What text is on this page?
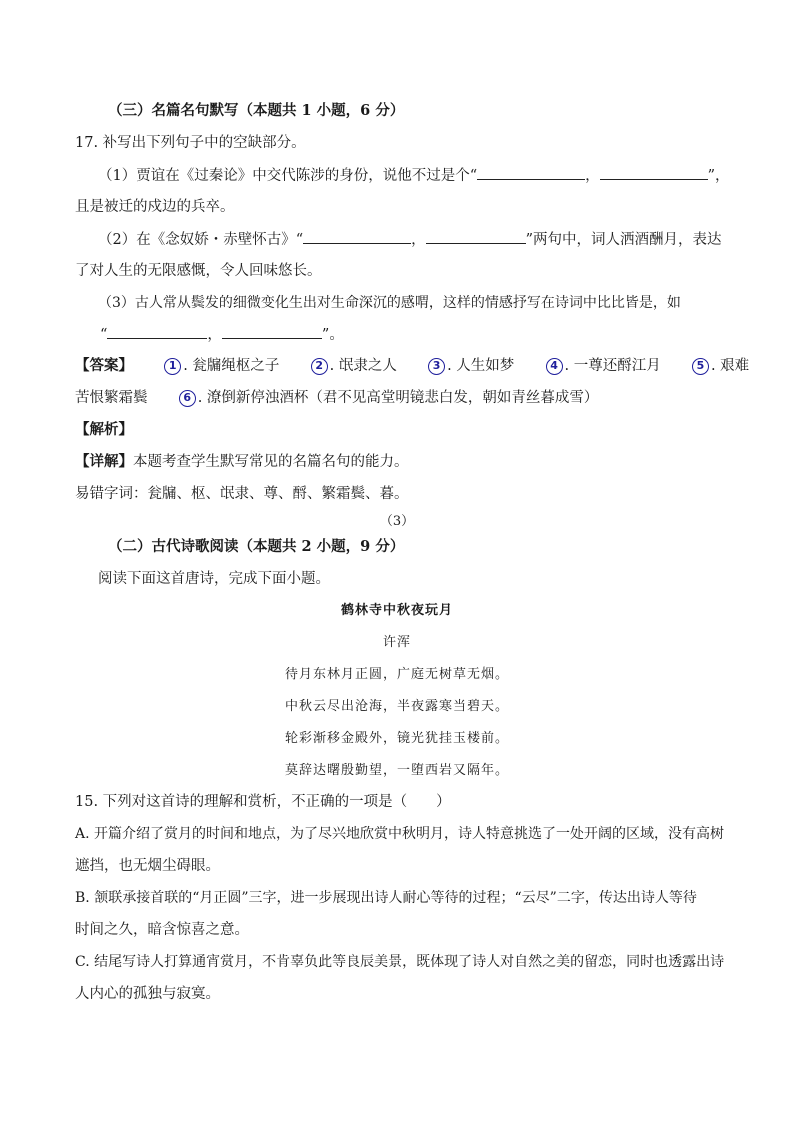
（三）名篇名句默写（本题共 1 小题，6 分）

17. 补写出下列句子中的空缺部分。

（1）贾谊在《过秦论》中交代陈涉的身份，说他不过是个“	，	”，

且是被迁的戍边的兵卒。

（2）在《念奴娇・赤壁怀古》“	，	”两句中，词人洒酒酬月，表达

了对人生的无限感慨，令人回味悠长。

（3）古人常从鬓发的细微变化生出对生命深沉的感喟，这样的情感抒写在诗词中比比皆是，如

“	，	”。

【答案】	1 . 瓮牖绳枢之子	2 . 氓隶之人	3 . 人生如梦	4 . 一尊还酹江月	5 . 艰难

苦恨繁霜鬓	6 . 潦倒新停浊酒杯（君不见高堂明镜悲白发，朝如青丝暮成雪）

【解析】

【详解】本题考查学生默写常见的名篇名句的能力。

易错字词：瓮牖、枢、氓隶、尊、酹、繁霜鬓、暮。

（3）

（二）古代诗歌阅读（本题共 2 小题，9 分）

阅读下面这首唐诗，完成下面小题。

鹤林寺中秋夜玩月

许浑

待月东林月正圆，广庭无树草无烟。

中秋云尽出沧海，半夜露寒当碧天。

轮彩渐移金殿外，镜光犹挂玉楼前。

莫辞达曙殷勤望，一堕西岩又隔年。

15. 下列对这首诗的理解和赏析，不正确的一项是（　　）

A. 开篇介绍了赏月的时间和地点，为了尽兴地欣赏中秋明月，诗人特意挑选了一处开阔的区域，没有高树

遮挡，也无烟尘碍眼。

B. 颔联承接首联的“月正圆”三字，进一步展现出诗人耐心等待的过程；“云尽”二字，传达出诗人等待

时间之久，暗含惊喜之意。

C. 结尾写诗人打算通宵赏月，不肯辜负此等良辰美景，既体现了诗人对自然之美的留恋，同时也透露出诗

人内心的孤独与寂寞。
